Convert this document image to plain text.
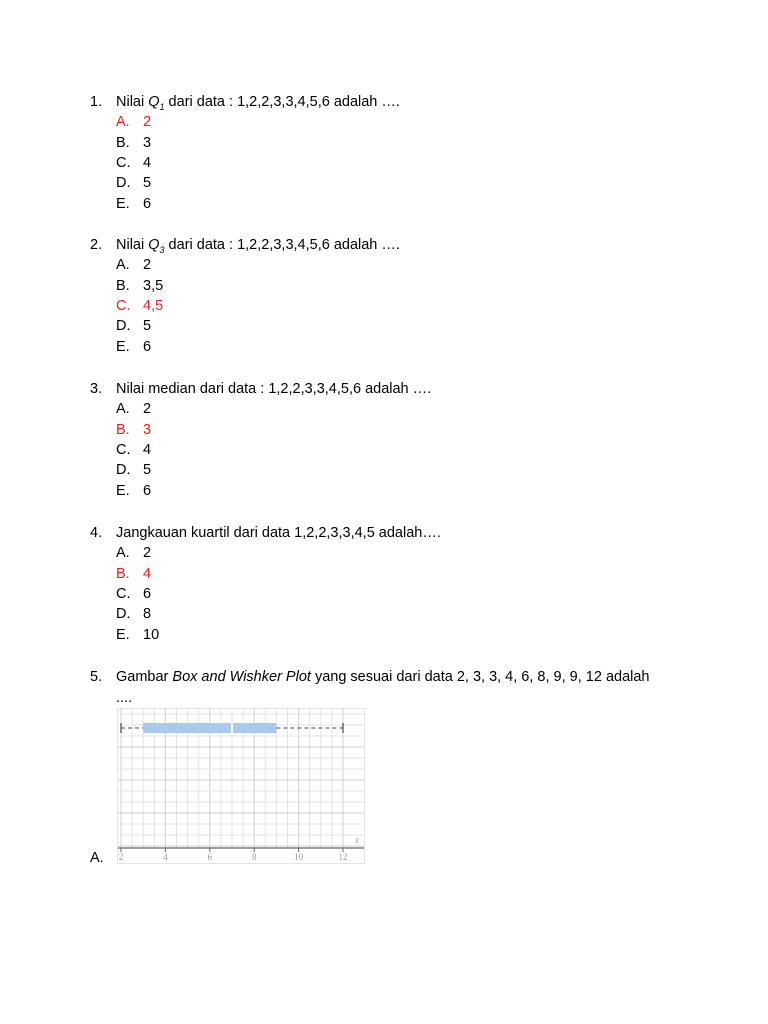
1. Nilai $Q_1$ dari data : 1,2,2,3,3,4,5,6 adalah ….
A. 2
B. 3
C. 4
D. 5
E. 6
2. Nilai $Q_3$ dari data : 1,2,2,3,3,4,5,6 adalah ….
A. 2
B. 3,5
C. 4,5
D. 5
E. 6
3. Nilai median dari data : 1,2,2,3,3,4,5,6 adalah ….
A. 2
B. 3
C. 4
D. 5
E. 6
4. Jangkauan kuartil dari data 1,2,2,3,3,4,5 adalah….
A. 2
B. 4
C. 6
D. 8
E. 10
5. Gambar Box and Wishker Plot yang sesuai dari data 2, 3, 3, 4, 6, 8, 9, 9, 12 adalah
....
A. 2	4	6	8	10	12
x
